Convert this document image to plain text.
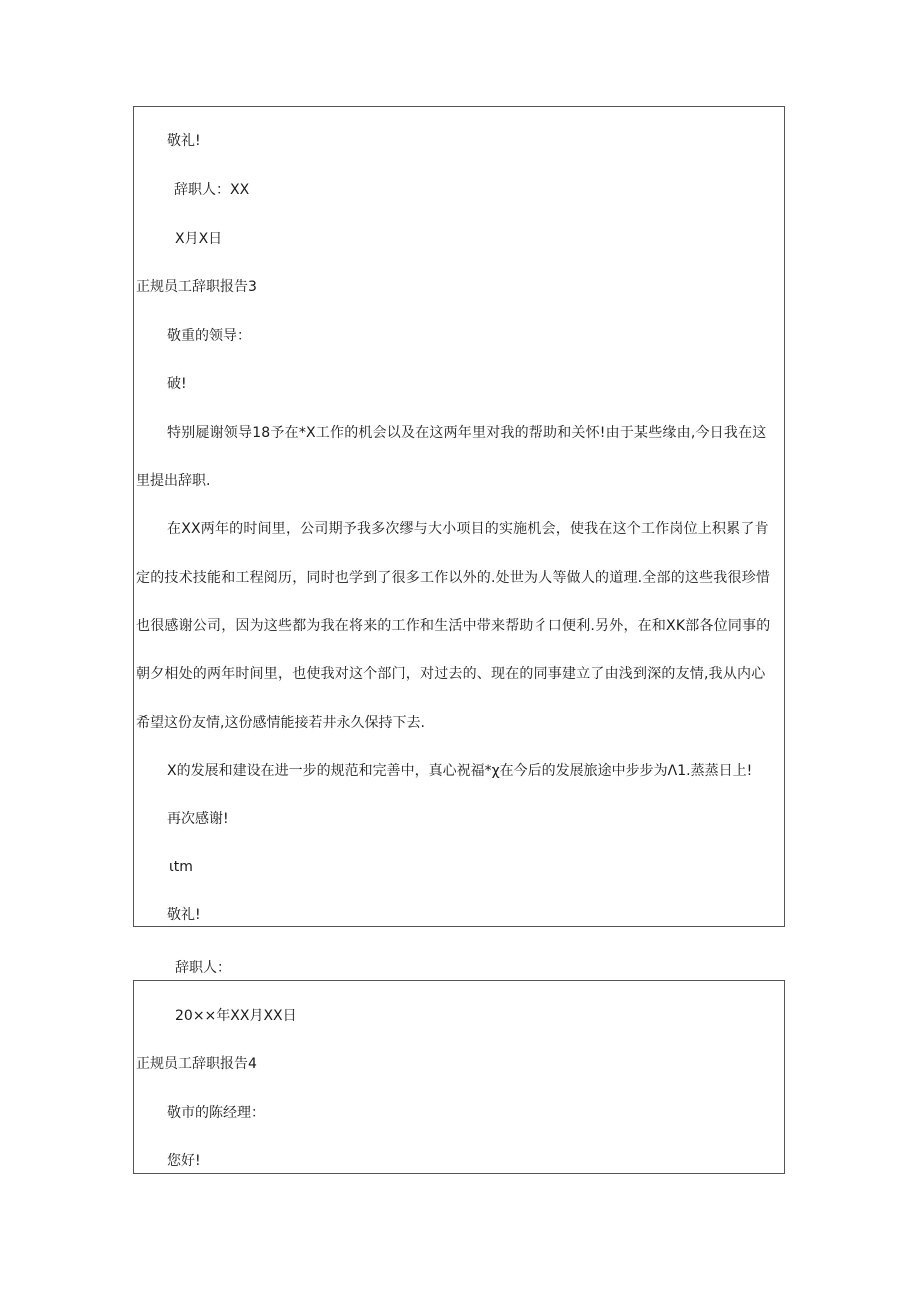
敬礼!
辞职人：XX
X月X日
正规员工辞职报告3
敬重的领导：
破!
特别屣谢领导18予在*X工作的机会以及在这两年里对我的帮助和关怀!由于某些缘由,今日我在这
里提出辞职.
在XX两年的时间里，公司期予我多次缪与大小项目的实施机会，使我在这个工作岗位上积累了肯
定的技术技能和工程阅历，同时也学到了很多工作以外的.处世为人等做人的道理.全部的这些我很珍惜
也很感谢公司，因为这些都为我在将来的工作和生活中带来帮助彳口便利.另外，在和XK部各位同事的
朝夕相处的两年时间里，也使我对这个部门，对过去的、现在的同事建立了由浅到深的友情,我从内心
希望这份友情,这份感情能接若井永久保持下去.
X的发展和建设在进一步的规范和完善中，真心祝福*χ在今后的发展旅途中步步为Λ1.蒸蒸日上!
再次感谢!
ιtm
敬礼!
辞职人：
20××年XX月XX日
正规员工辞职报告4
敬市的陈经理：
您好!
